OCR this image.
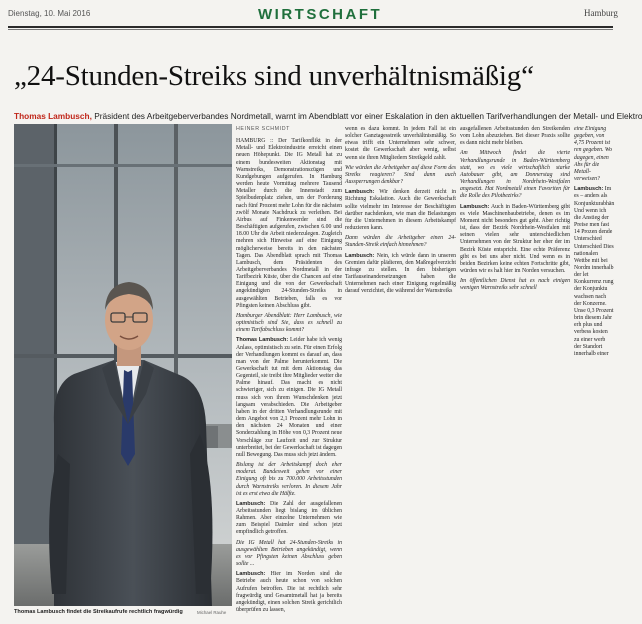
Dienstag, 10. Mai 2016	WIRTSCHAFT	Hamburg
„24-Stunden-Streiks sind unverhältnismäßig“
Thomas Lambusch, Präsident des Arbeitgeberverbandes Nordmetall, warnt im Abendblatt vor einer Eskalation in den aktuellen Tarifverhandlungen der Metall- und Elektro
Thomas Lambusch findet die Streikaufrufe rechtlich fragwürdig	Michael Rauhe
HEINER SCHMIDT

HAMBURG :: Der Tarifkonflikt in der Metall- und Elektroindustrie erreicht einen neuen Höhepunkt. Die IG Metall hat zu einem bundesweiten Aktionstag mit Warnstreiks, Demonstrationszügen und Kundgebungen aufgerufen. In Hamburg werden heute Vormittag mehrere Tausend Metaller durch die Innenstadt zum Spielbudenplatz ziehen, um der Forderung nach fünf Prozent mehr Lohn für die nächsten zwölf Monate Nachdruck zu verleihen. Bei Airbus auf Finkenwerder sind die Beschäftigten aufgerufen, zwischen 6.00 und 18.00 Uhr die Arbeit niederzulegen. Zugleich mehren sich Hinweise auf eine Einigung möglicherweise bereits in den nächsten Tagen. Das Abendblatt sprach mit Thomas Lambusch, dem Präsidenten des Arbeitgeberverbandes Nordmetall in der Tarifbezirk Küste, über die Chancen auf eine Einigung und die von der Gewerkschaft angekündigten 24-Stunden-Streiks in ausgewählten Betrieben, falls es vor Pfingsten keinen Abschluss gibt.

Hamburger Abendblatt: Herr Lambusch, wie optimistisch sind Sie, dass es schnell zu einem Tarifabschluss kommt?

Thomas Lambusch: Leider habe ich wenig Anlass, optimistisch zu sein. Für einen Erfolg der Verhandlungen kommt es darauf an, dass man von der Palme herunterkommt. Die Gewerkschaft tut mit dem Aktionstag das Gegenteil, sie treibt ihre Mitglieder weiter die Palme hinauf. Das macht es nicht schwieriger, sich zu einigen. Die IG Metall muss sich von ihrem Wunschdenken jetzt langsam verabschieden. Die Arbeitgeber haben in der dritten Verhandlungsrunde mit dem Angebot von 2,1 Prozent mehr Lohn in den nächsten 24 Monaten und einer Sonderzahlung in Höhe von 0,3 Prozent neue Vorschläge zur Laufzeit und zur Struktur unterbreitet, bei der Gewerkschaft ist dagegen null Bewegung. Das muss sich jetzt ändern.

Bislang ist der Arbeitskampf doch eher moderat. Bundesweit gehen vor einer Einigung oft bis zu 700.000 Arbeitsstunden durch Warnstreiks verloren. In diesem Jahr ist es erst etwa die Hälfte.

Lambusch: Die Zahl der ausgefallenen Arbeitsstunden liegt bislang im üblichen Rahmen. Aber einzelne Unternehmen wie zum Beispiel Daimler sind schon jetzt empfindlich getroffen.

Die IG Metall hat 24-Stunden-Streiks in ausgewählten Betrieben angekündigt, wenn es vor Pfingsten keinen Abschluss geben sollte ...

Lambusch: Hier im Norden sind die Betriebe auch heute schon von solchen Aufrufen betroffen. Die ist rechtlich sehr fragwürdig und Gesamtmetall hat ja bereits angekündigt, einen solchen Streik gerichtlich überprüfen zu lassen,

wenn es dazu kommt. In jedem Fall ist ein solcher Ganztagesstreik unverhältnismäßig. So etwas trifft ein Unternehmen sehr schwer, kostet die Gewerkschaft aber wenig, selbst wenn sie ihren Mitgliedern Streikgeld zahlt.

Wie würden die Arbeitgeber auf diese Form des Streiks reagieren? Sind dann auch Aussperrungen denkbar?

Lambusch: Wir denken derzeit nicht in Richtung Eskalation. Auch die Gewerkschaft sollte vielmehr im Interesse der Beschäftigten darüber nachdenken, wie man die Belastungen für die Unternehmen in diesem Arbeitskampf reduzieren kann.

Dann würden die Arbeitgeber einen 24-Stunden-Streik einfach hinnehmen?

Lambusch: Nein, ich würde dann in unseren Gremien dafür plädieren, den Maßregelverzicht infrage zu stellen. In den bisherigen Tarifauseinandersetzungen haben die Unternehmen nach einer Einigung regelmäßig darauf verzichtet, die während der Warnstreiks

ausgefallenen Arbeitsstunden den Streikenden vom Lohn abzuziehen. Bei dieser Praxis sollte es dann nicht mehr bleiben.

Am Mittwoch findet die vierte Verhandlungsrunde in Baden-Württemberg statt, wo es viele wirtschaftlich starke Autobauer gibt, am Donnerstag sind Verhandlungen in Nordrhein-Westfalen angesetzt. Hat Nordmetall einen Favoriten für die Rolle des Pilotbezirks?

Lambusch: Auch in Baden-Württemberg gibt es viele Maschinenbaubetriebe, denen es im Moment nicht besonders gut geht. Aber richtig ist, dass der Bezirk Nordrhein-Westfalen mit seinen vielen sehr unterschiedlichen Unternehmen von der Struktur her eher der im Bezirk Küste entspricht. Eine echte Präferenz gibt es bei uns aber nicht. Und wenn es in beiden Bezirken keine echten Fortschritte gibt, würden wir es halt hier im Norden versuchen.

Im öffentlichen Dienst hat es nach einigen wenigen Warnstreiks sehr schnell

eine Einigung gegeben, von 4,75 Prozent ist ren gegeben. Wo dagegen, einen Abs für die Metall- verweisen?

Lambusch: Im es – anders als Konjunkturabhän Und wenn ich die Anstieg der Preise men fast 14 Prozen dende Unterschied Unterschied Dies nationalen Wettbe mit bei Nordm innerhalb der let Konkurrenz rung der Konjunktu wachsen nach der Konzerne. Unse 0,3 Prozent brin diesem Jahr erh plus und verbess kosten zu einer werb der Standort innerhalb einer
